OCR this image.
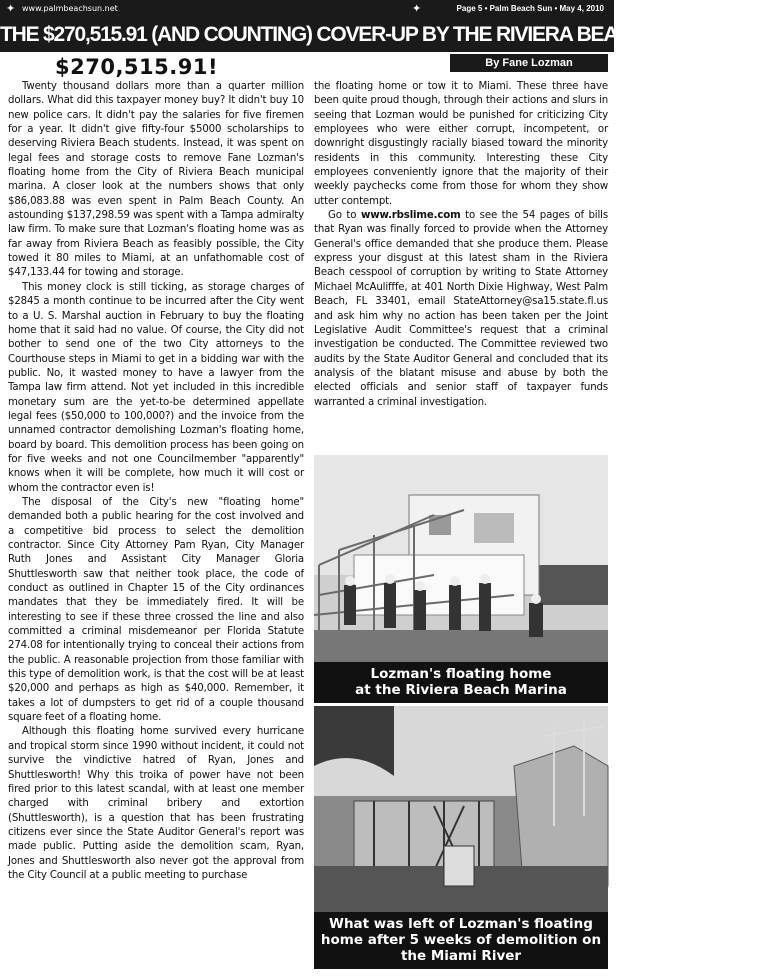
✦ www.palmbeachsun.net	✦	Page 5 • Palm Beach Sun • May 4, 2010
THE $270,515.91 (AND COUNTING) COVER-UP BY THE RIVIERA BEACH CITY COUNCIL
$270,515.91!	By Fane Lozman

Twenty thousand dollars more than a quarter million dollars. What did this taxpayer money buy? It didn't buy 10 new police cars. It didn't pay the salaries for five firemen for a year. It didn't give fifty-four $5000 scholarships to deserving Riviera Beach students. Instead, it was spent on legal fees and storage costs to remove Fane Lozman's floating home from the City of Riviera Beach municipal marina. A closer look at the numbers shows that only $86,083.88 was even spent in Palm Beach County. An astounding $137,298.59 was spent with a Tampa admiralty law firm. To make sure that Lozman's floating home was as far away from Riviera Beach as feasibly possible, the City towed it 80 miles to Miami, at an unfathomable cost of $47,133.44 for towing and storage.

This money clock is still ticking, as storage charges of $2845 a month continue to be incurred after the City went to a U. S. Marshal auction in February to buy the floating home that it said had no value. Of course, the City did not bother to send one of the two City attorneys to the Courthouse steps in Miami to get in a bidding war with the public. No, it wasted money to have a lawyer from the Tampa law firm attend. Not yet included in this incredible monetary sum are the yet-to-be determined appellate legal fees ($50,000 to 100,000?) and the invoice from the unnamed contractor demolishing Lozman's floating home, board by board. This demolition process has been going on for five weeks and not one Councilmember "apparently" knows when it will be complete, how much it will cost or whom the contractor even is!

The disposal of the City's new "floating home" demanded both a public hearing for the cost involved and a competitive bid process to select the demolition contractor. Since City Attorney Pam Ryan, City Manager Ruth Jones and Assistant City Manager Gloria Shuttlesworth saw that neither took place, the code of conduct as outlined in Chapter 15 of the City ordinances mandates that they be immediately fired. It will be interesting to see if these three crossed the line and also committed a criminal misdemeanor per Florida Statute 274.08 for intentionally trying to conceal their actions from the public. A reasonable projection from those familiar with this type of demolition work, is that the cost will be at least $20,000 and perhaps as high as $40,000. Remember, it takes a lot of dumpsters to get rid of a couple thousand square feet of a floating home.

Although this floating home survived every hurricane and tropical storm since 1990 without incident, it could not survive the vindictive hatred of Ryan, Jones and Shuttlesworth! Why this troika of power have not been fired prior to this latest scandal, with at least one member charged with criminal bribery and extortion (Shuttlesworth), is a question that has been frustrating citizens ever since the State Auditor General's report was made public. Putting aside the demolition scam, Ryan, Jones and Shuttlesworth also never got the approval from the City Council at a public meeting to purchase

the floating home or tow it to Miami. These three have been quite proud though, through their actions and slurs in seeing that Lozman would be punished for criticizing City employees who were either corrupt, incompetent, or downright disgustingly racially biased toward the minority residents in this community. Interesting these City employees conveniently ignore that the majority of their weekly paychecks come from those for whom they show utter contempt.

Go to www.rbslime.com to see the 54 pages of bills that Ryan was finally forced to provide when the Attorney General's office demanded that she produce them. Please express your disgust at this latest sham in the Riviera Beach cesspool of corruption by writing to State Attorney Michael McAulifffe, at 401 North Dixie Highway, West Palm Beach, FL 33401, email StateAttorney@sa15.state.fl.us and ask him why no action has been taken per the Joint Legislative Audit Committee's request that a criminal investigation be conducted. The Committee reviewed two audits by the State Auditor General and concluded that its analysis of the blatant misuse and abuse by both the elected officials and senior staff of taxpayer funds warranted a criminal investigation.

Lozman's floating home
at the Riviera Beach Marina
What was left of Lozman's floating
home after 5 weeks of demolition on
the Miami River
